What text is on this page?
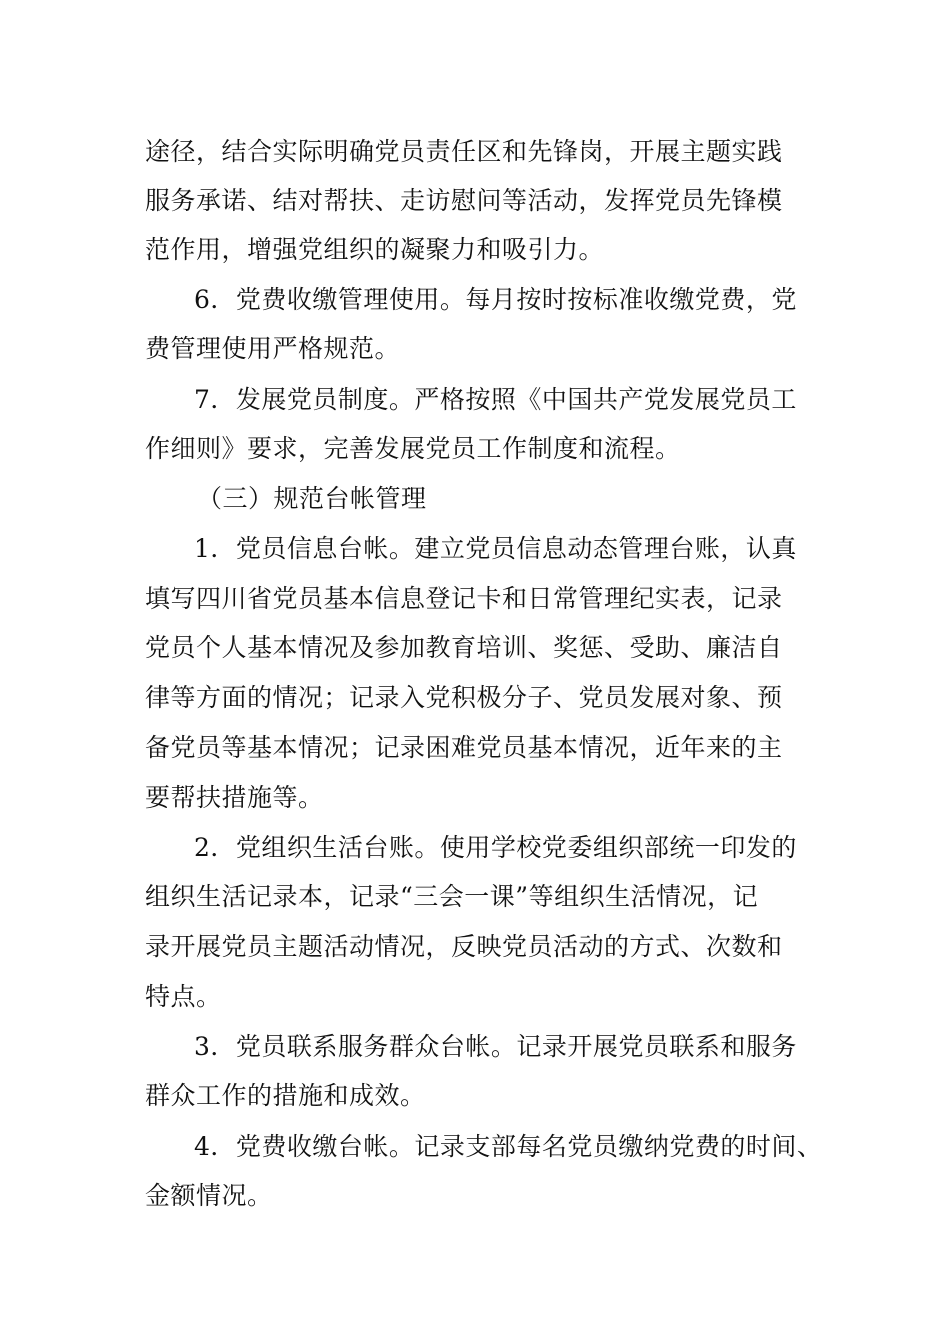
途径，结合实际明确党员责任区和先锋岗，开展主题实践
服务承诺、结对帮扶、走访慰问等活动，发挥党员先锋模
范作用，增强党组织的凝聚力和吸引力。
6．党费收缴管理使用。每月按时按标准收缴党费，党
费管理使用严格规范。
7．发展党员制度。严格按照《中国共产党发展党员工
作细则》要求，完善发展党员工作制度和流程。
（三）规范台帐管理
1．党员信息台帐。建立党员信息动态管理台账，认真
填写四川省党员基本信息登记卡和日常管理纪实表，记录
党员个人基本情况及参加教育培训、奖惩、受助、廉洁自
律等方面的情况；记录入党积极分子、党员发展对象、预
备党员等基本情况；记录困难党员基本情况，近年来的主
要帮扶措施等。
2．党组织生活台账。使用学校党委组织部统一印发的
组织生活记录本，记录“三会一课”等组织生活情况，记
录开展党员主题活动情况，反映党员活动的方式、次数和
特点。
3．党员联系服务群众台帐。记录开展党员联系和服务
群众工作的措施和成效。
4．党费收缴台帐。记录支部每名党员缴纳党费的时间、
金额情况。
